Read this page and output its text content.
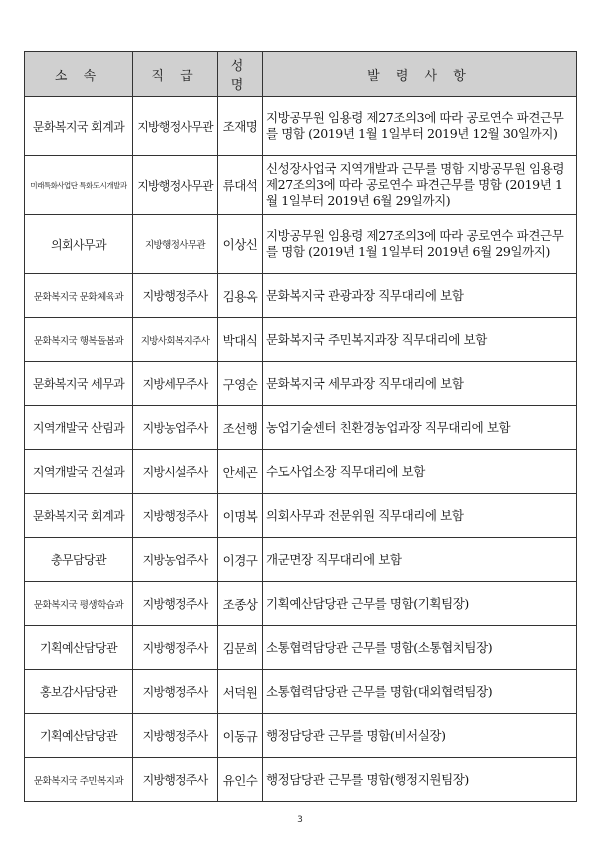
소 속	직 급	성 명	발 령 사 항
문화복지국 회계과	지방행정사무관	조재명	지방공무원 임용령 제27조의3에 따라 공로연수 파견근무를 명함 (2019년 1월 1일부터 2019년 12월 30일까지)
미래특화사업단 특화도시개발과	지방행정사무관	류대석	신성장사업국 지역개발과 근무를 명함 지방공무원 임용령 제27조의3에 따라 공로연수 파견근무를 명함 (2019년 1월 1일부터 2019년 6월 29일까지)
의회사무과	지방행정사무관	이상신	지방공무원 임용령 제27조의3에 따라 공로연수 파견근무를 명함 (2019년 1월 1일부터 2019년 6월 29일까지)
문화복지국 문화체육과	지방행정주사	김용옥	문화복지국 관광과장 직무대리에 보함
문화복지국 행복돌봄과	지방사회복지주사	박대식	문화복지국 주민복지과장 직무대리에 보함
문화복지국 세무과	지방세무주사	구영순	문화복지국 세무과장 직무대리에 보함
지역개발국 산림과	지방농업주사	조선행	농업기술센터 친환경농업과장 직무대리에 보함
지역개발국 건설과	지방시설주사	안세곤	수도사업소장 직무대리에 보함
문화복지국 회계과	지방행정주사	이명복	의회사무과 전문위원 직무대리에 보함
총무담당관	지방농업주사	이경구	개군면장 직무대리에 보함
문화복지국 평생학습과	지방행정주사	조종상	기획예산담당관 근무를 명함(기획팀장)
기획예산담당관	지방행정주사	김문희	소통협력담당관 근무를 명함(소통협치팀장)
홍보감사담당관	지방행정주사	서덕원	소통협력담당관 근무를 명함(대외협력팀장)
기획예산담당관	지방행정주사	이동규	행정담당관 근무를 명함(비서실장)
문화복지국 주민복지과	지방행정주사	유인수	행정담당관 근무를 명함(행정지원팀장)
3
